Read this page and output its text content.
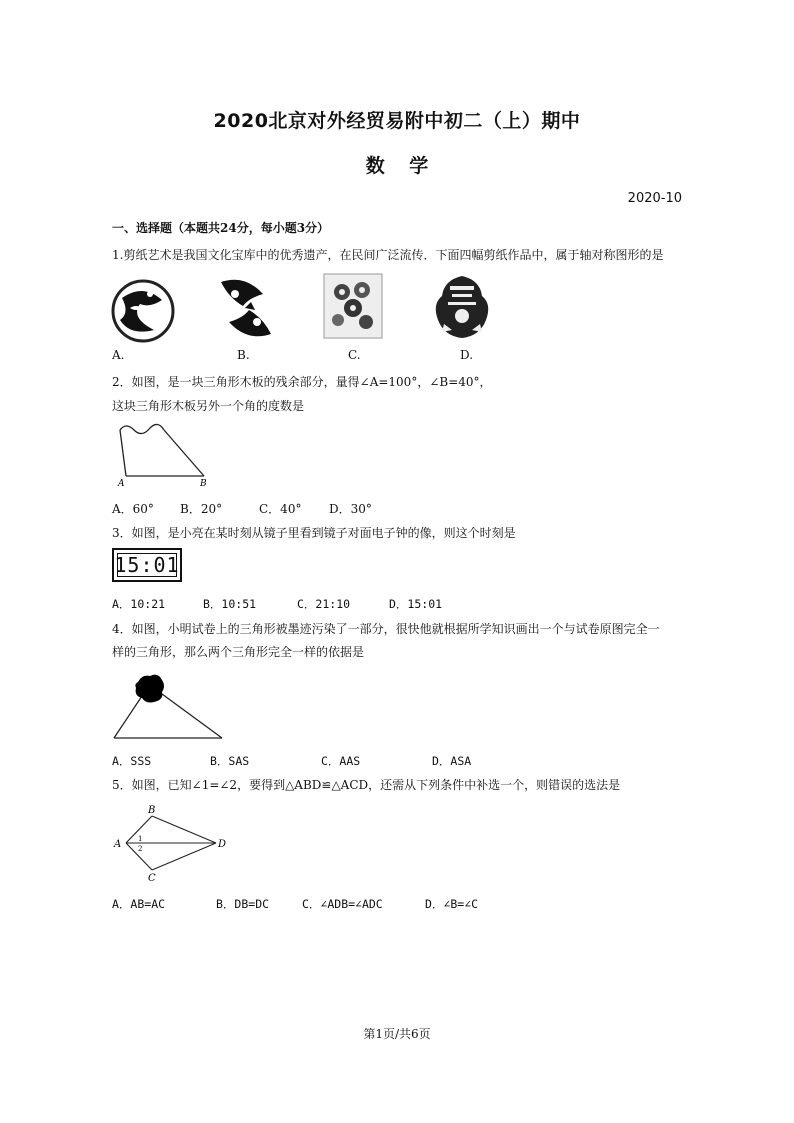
2020北京对外经贸易附中初二（上）期中
数 学
2020-10
一、选择题（本题共24分，每小题3分）
1.剪纸艺术是我国文化宝库中的优秀遗产，在民间广泛流传．下面四幅剪纸作品中，属于轴对称图形的是
A.	B.	C.	D.
2．如图，是一块三角形木板的残余部分，量得∠A=100°，∠B=40°，
这块三角形木板另外一个角的度数是
A	B
A．60° B．20°	C．40° D．30°
3．如图，是小亮在某时刻从镜子里看到镜子对面电子钟的像，则这个时刻是
15:01
A．10:21	B．10:51	C．21:10	D．15:01
4．如图，小明试卷上的三角形被墨迹污染了一部分，很快他就根据所学知识画出一个与试卷原图完全一
样的三角形，那么两个三角形完全一样的依据是
A．SSS	B．SAS	C．AAS	D．ASA
5．如图，已知∠1=∠2，要得到△ABD≌△ACD，还需从下列条件中补选一个，则错误的选法是
A
B
C
D
1
2
A．AB=AC	B．DB=DC	C．∠ADB=∠ADC	D．∠B=∠C
第1页/共6页
